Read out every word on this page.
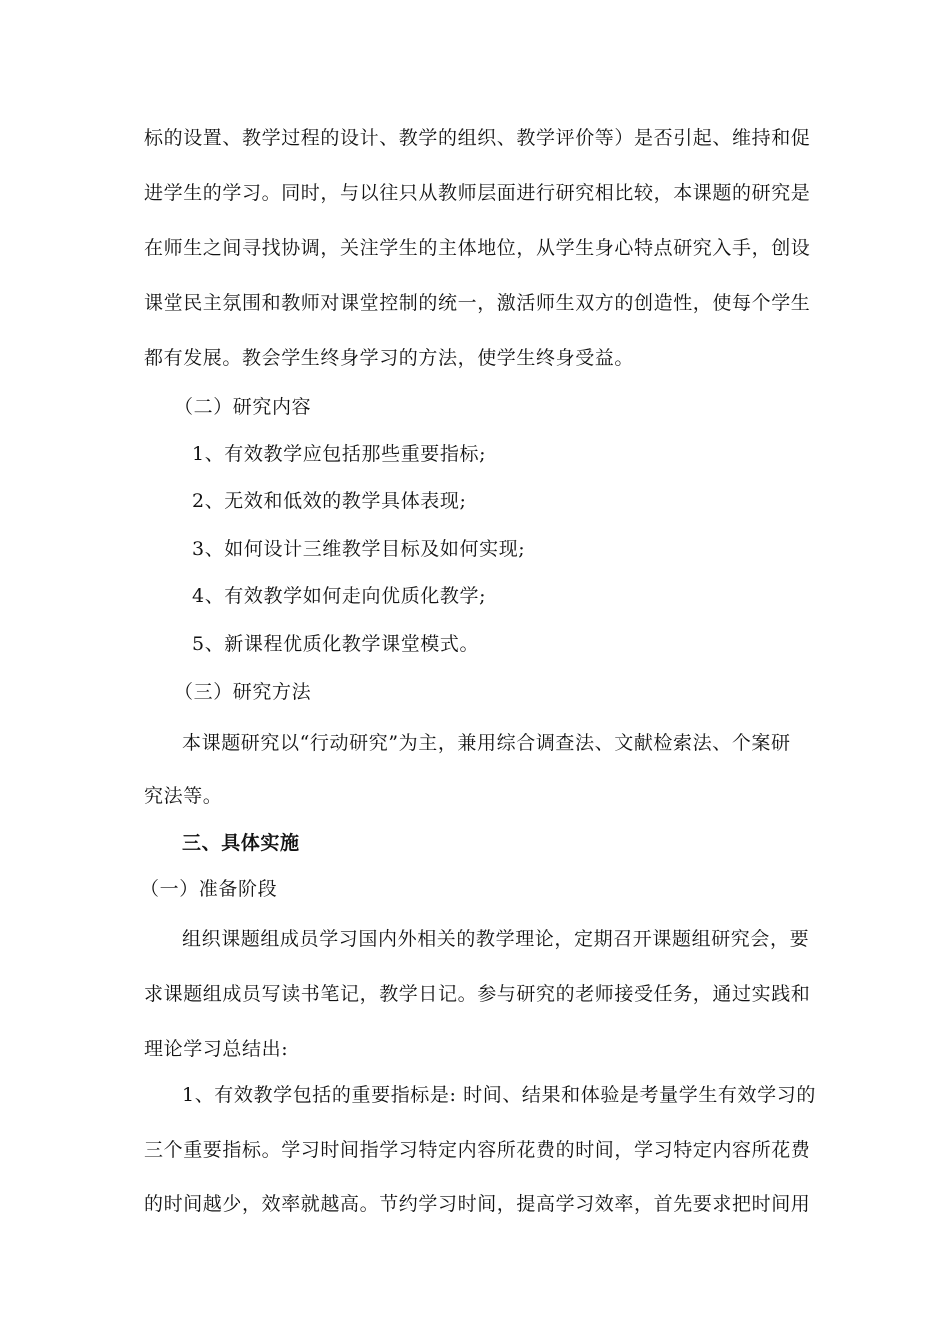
标的设置、教学过程的设计、教学的组织、教学评价等）是否引起、维持和促
进学生的学习。同时，与以往只从教师层面进行研究相比较，本课题的研究是
在师生之间寻找协调，关注学生的主体地位，从学生身心特点研究入手，创设
课堂民主氛围和教师对课堂控制的统一，激活师生双方的创造性，使每个学生
都有发展。教会学生终身学习的方法，使学生终身受益。
（二）研究内容
1、有效教学应包括那些重要指标;
2、无效和低效的教学具体表现;
3、如何设计三维教学目标及如何实现;
4、有效教学如何走向优质化教学;
5、新课程优质化教学课堂模式。
（三）研究方法
本课题研究以“行动研究”为主，兼用综合调查法、文献检索法、个案研
究法等。
三、具体实施
（一）准备阶段
组织课题组成员学习国内外相关的教学理论，定期召开课题组研究会，要
求课题组成员写读书笔记，教学日记。参与研究的老师接受任务，通过实践和
理论学习总结出:
1、有效教学包括的重要指标是: 时间、结果和体验是考量学生有效学习的
三个重要指标。学习时间指学习特定内容所花费的时间，学习特定内容所花费
的时间越少，效率就越高。节约学习时间，提高学习效率，首先要求把时间用
